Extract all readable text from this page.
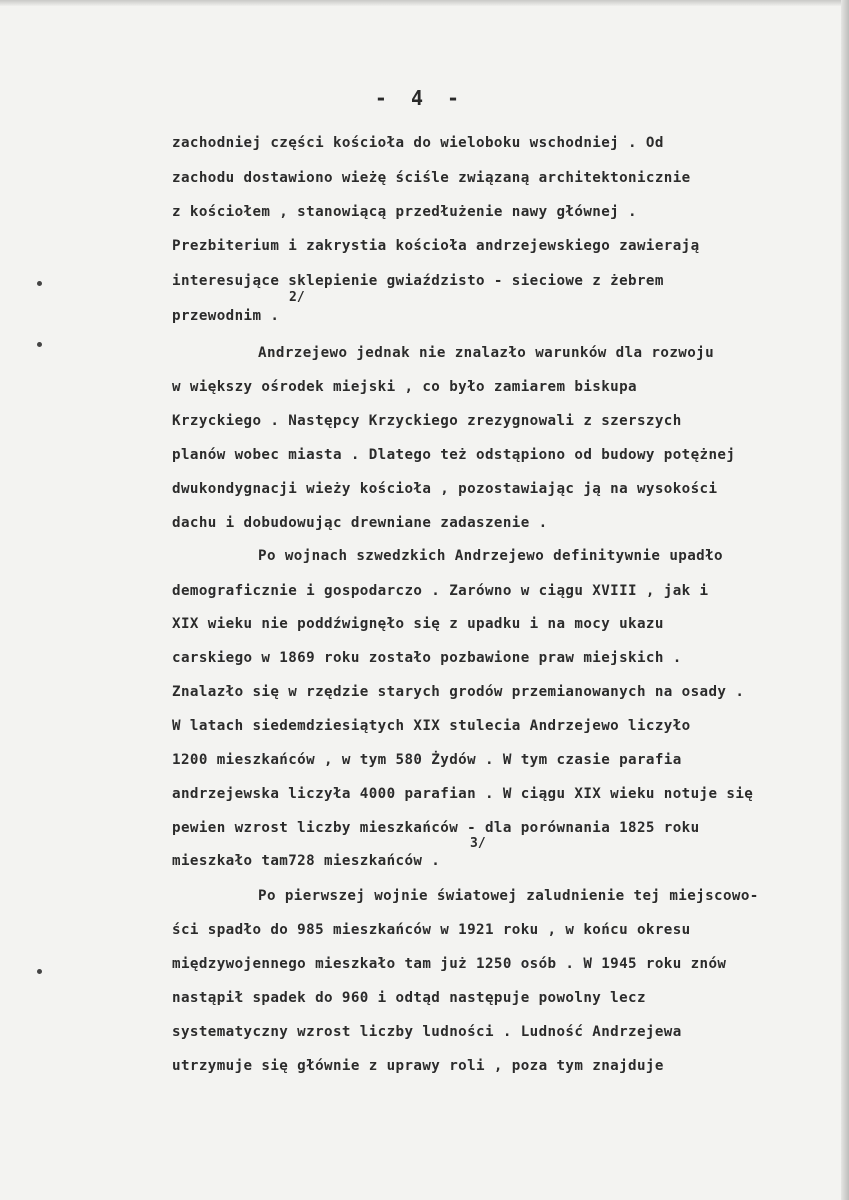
- 4 -
zachodniej części kościoła do wieloboku wschodniej . Od
zachodu dostawiono wieżę ściśle związaną architektonicznie
z kościołem , stanowiącą przedłużenie nawy głównej .
Prezbiterium i zakrystia kościoła andrzejewskiego zawierają
interesujące sklepienie gwiaździsto - sieciowe z żebrem
2/
przewodnim .
Andrzejewo jednak nie znalazło warunków dla rozwoju
w większy ośrodek miejski , co było zamiarem biskupa
Krzyckiego . Następcy Krzyckiego zrezygnowali z szerszych
planów wobec miasta . Dlatego też odstąpiono od budowy potężnej
dwukondygnacji wieży kościoła , pozostawiając ją na wysokości
dachu i dobudowując drewniane zadaszenie .
Po wojnach szwedzkich Andrzejewo definitywnie upadło
demograficznie i gospodarczo . Zarówno w ciągu XVIII , jak i
XIX wieku nie poddźwignęło się z upadku i na mocy ukazu
carskiego w 1869 roku zostało pozbawione praw miejskich .
Znalazło się w rzędzie starych grodów przemianowanych na osady .
W latach siedemdziesiątych XIX stulecia Andrzejewo liczyło
1200 mieszkańców , w tym 580 Żydów . W tym czasie parafia
andrzejewska liczyła 4000 parafian . W ciągu XIX wieku notuje się
pewien wzrost liczby mieszkańców - dla porównania 1825 roku
3/
mieszkało tam728 mieszkańców .
Po pierwszej wojnie światowej zaludnienie tej miejscowo-
ści spadło do 985 mieszkańców w 1921 roku , w końcu okresu
międzywojennego mieszkało tam już 1250 osób . W 1945 roku znów
nastąpił spadek do 960 i odtąd następuje powolny lecz
systematyczny wzrost liczby ludności . Ludność Andrzejewa
utrzymuje się głównie z uprawy roli , poza tym znajduje
